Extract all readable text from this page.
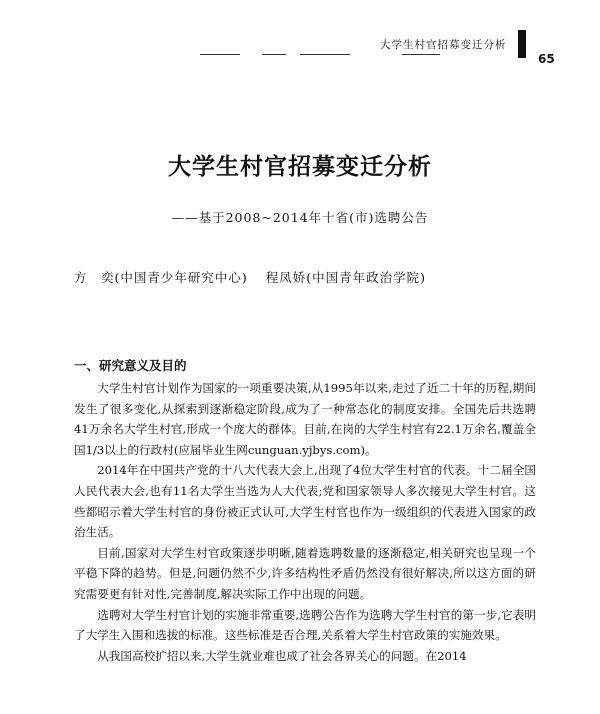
大学生村官招募变迁分析
65
大学生村官招募变迁分析
——基于2008~2014年十省(市)选聘公告
方　奕(中国青少年研究中心) 程凤娇(中国青年政治学院)
一、研究意义及目的

大学生村官计划作为国家的一项重要决策,从1995年以来,走过了近二十年的历程,期间发生了很多变化,从探索到逐渐稳定阶段,成为了一种常态化的制度安排。全国先后共选聘41万余名大学生村官,形成一个庞大的群体。目前,在岗的大学生村官有22.1万余名,覆盖全国1/3以上的行政村(应届毕业生网cunguan.yjbys.com)。

2014年在中国共产党的十八大代表大会上,出现了4位大学生村官的代表。十二届全国人民代表大会,也有11名大学生当选为人大代表;党和国家领导人多次接见大学生村官。这些都昭示着大学生村官的身份被正式认可,大学生村官也作为一级组织的代表进入国家的政治生活。

目前,国家对大学生村官政策逐步明晰,随着选聘数量的逐渐稳定,相关研究也呈现一个平稳下降的趋势。但是,问题仍然不少,许多结构性矛盾仍然没有很好解决,所以这方面的研究需要更有针对性,完善制度,解决实际工作中出现的问题。

选聘对大学生村官计划的实施非常重要,选聘公告作为选聘大学生村官的第一步,它表明了大学生入围和选拔的标准。这些标准是否合理,关系着大学生村官政策的实施效果。

从我国高校扩招以来,大学生就业难也成了社会各界关心的问题。在2014
